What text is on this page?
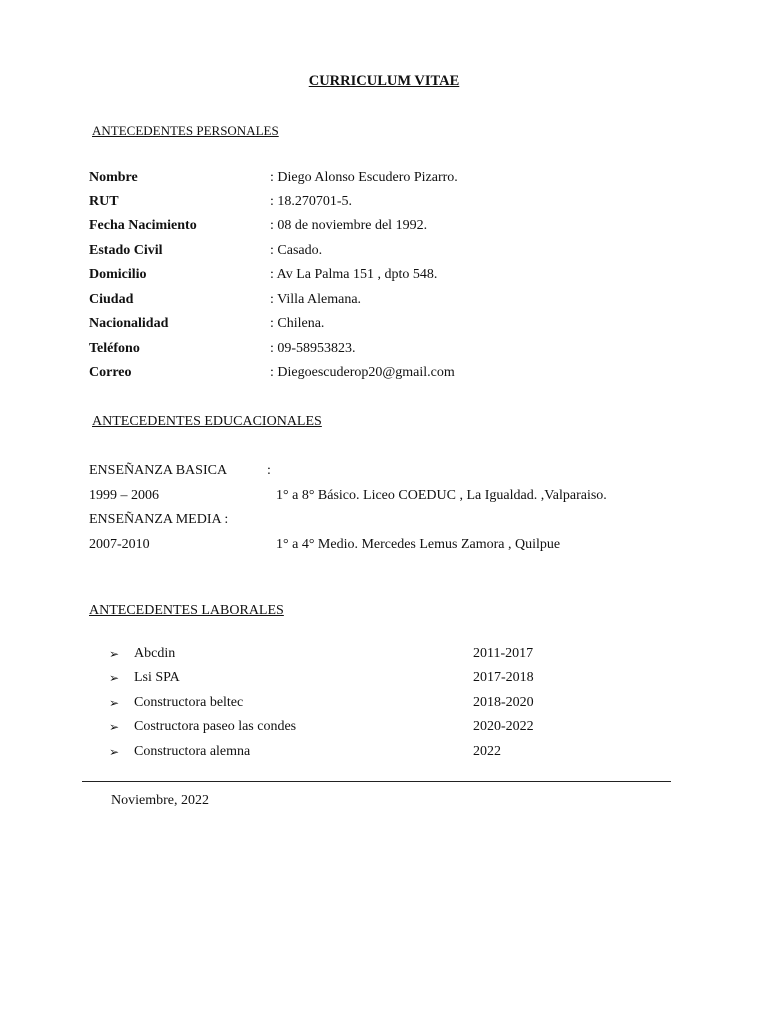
CURRICULUM VITAE
ANTECEDENTES PERSONALES
Nombre	: Diego Alonso Escudero Pizarro.
RUT	: 18.270701-5.
Fecha Nacimiento	: 08 de noviembre del 1992.
Estado Civil	: Casado.
Domicilio	: Av La Palma 151 , dpto 548.
Ciudad	: Villa Alemana.
Nacionalidad	: Chilena.
Teléfono	: 09-58953823.
Correo	: Diegoescuderop20@gmail.com
ANTECEDENTES EDUCACIONALES
ENSEÑANZA BASICA	:
1999 – 2006	1° a 8° Básico. Liceo COEDUC , La Igualdad. ,Valparaiso.
ENSEÑANZA MEDIA :
2007-2010	1° a 4° Medio. Mercedes Lemus Zamora , Quilpue
ANTECEDENTES LABORALES
➢ Abcdin	2011-2017
➢ Lsi SPA	2017-2018
➢ Constructora beltec	2018-2020
➢ Costructora paseo las condes	2020-2022
➢ Constructora alemna	2022
Noviembre, 2022
